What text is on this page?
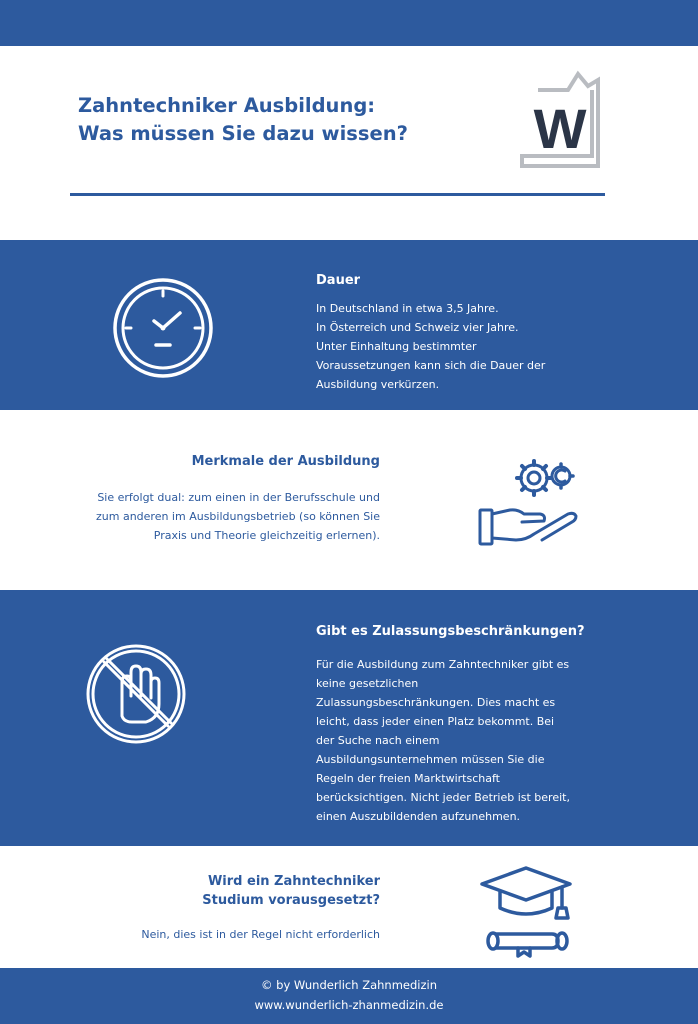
Zahntechniker Ausbildung:
Was müssen Sie dazu wissen?	W
Dauer
In Deutschland in etwa 3,5 Jahre.
In Österreich und Schweiz vier Jahre.
Unter Einhaltung bestimmter
Voraussetzungen kann sich die Dauer der
Ausbildung verkürzen.
Merkmale der Ausbildung
Sie erfolgt dual: zum einen in der Berufsschule und
zum anderen im Ausbildungsbetrieb (so können Sie
Praxis und Theorie gleichzeitig erlernen).
Gibt es Zulassungsbeschränkungen?
Für die Ausbildung zum Zahntechniker gibt es
keine gesetzlichen
Zulassungsbeschränkungen. Dies macht es
leicht, dass jeder einen Platz bekommt. Bei
der Suche nach einem
Ausbildungsunternehmen müssen Sie die
Regeln der freien Marktwirtschaft
berücksichtigen. Nicht jeder Betrieb ist bereit,
einen Auszubildenden aufzunehmen.
Wird ein Zahntechniker
Studium vorausgesetzt?
Nein, dies ist in der Regel nicht erforderlich
© by Wunderlich Zahnmedizin
www.wunderlich-zhanmedizin.de
